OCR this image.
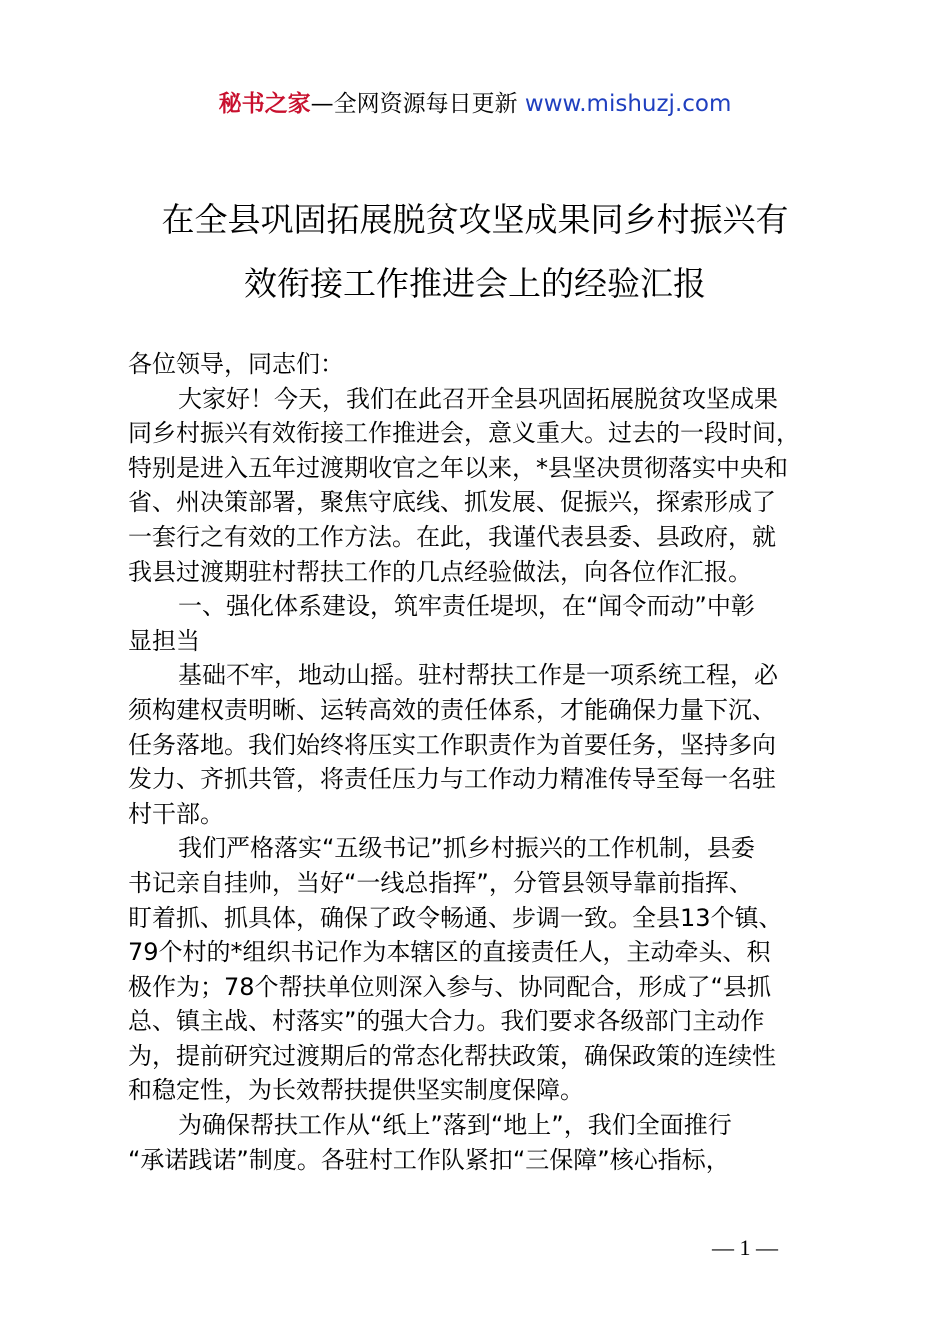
秘书之家—全网资源每日更新 www.mishuzj.com
在全县巩固拓展脱贫攻坚成果同乡村振兴有
效衔接工作推进会上的经验汇报
各位领导，同志们：
大家好！今天，我们在此召开全县巩固拓展脱贫攻坚成果
同乡村振兴有效衔接工作推进会，意义重大。过去的一段时间，
特别是进入五年过渡期收官之年以来，*县坚决贯彻落实中央和
省、州决策部署，聚焦守底线、抓发展、促振兴，探索形成了
一套行之有效的工作方法。在此，我谨代表县委、县政府，就
我县过渡期驻村帮扶工作的几点经验做法，向各位作汇报。
一、强化体系建设，筑牢责任堤坝，在“闻令而动”中彰
显担当
基础不牢，地动山摇。驻村帮扶工作是一项系统工程，必
须构建权责明晰、运转高效的责任体系，才能确保力量下沉、
任务落地。我们始终将压实工作职责作为首要任务，坚持多向
发力、齐抓共管，将责任压力与工作动力精准传导至每一名驻
村干部。
我们严格落实“五级书记”抓乡村振兴的工作机制，县委
书记亲自挂帅，当好“一线总指挥”，分管县领导靠前指挥、
盯着抓、抓具体，确保了政令畅通、步调一致。全县13个镇、
79个村的*组织书记作为本辖区的直接责任人，主动牵头、积
极作为；78个帮扶单位则深入参与、协同配合，形成了“县抓
总、镇主战、村落实”的强大合力。我们要求各级部门主动作
为，提前研究过渡期后的常态化帮扶政策，确保政策的连续性
和稳定性，为长效帮扶提供坚实制度保障。
为确保帮扶工作从“纸上”落到“地上”，我们全面推行
“承诺践诺”制度。各驻村工作队紧扣“三保障”核心指标，
— 1 —
